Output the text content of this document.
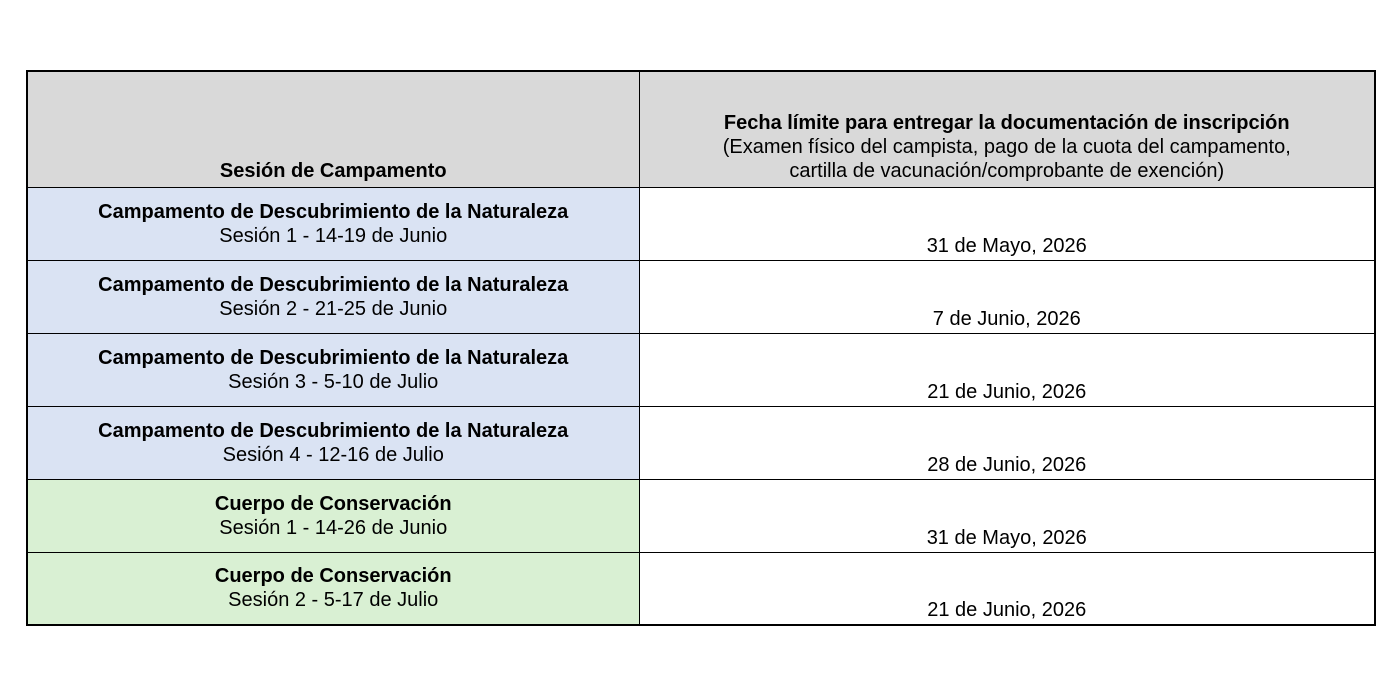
Sesión de Campamento	Fecha límite para entregar la documentación de inscripción
(Examen físico del campista, pago de la cuota del campamento,
cartilla de vacunación/comprobante de exención)

Campamento de Descubrimiento de la Naturaleza
Sesión 1 - 14-19 de Junio	31 de Mayo, 2026

Campamento de Descubrimiento de la Naturaleza
Sesión 2 - 21-25 de Junio	7 de Junio, 2026

Campamento de Descubrimiento de la Naturaleza
Sesión 3 - 5-10 de Julio	21 de Junio, 2026

Campamento de Descubrimiento de la Naturaleza
Sesión 4 - 12-16 de Julio	28 de Junio, 2026

Cuerpo de Conservación
Sesión 1 - 14-26 de Junio	31 de Mayo, 2026

Cuerpo de Conservación
Sesión 2 - 5-17 de Julio	21 de Junio, 2026
